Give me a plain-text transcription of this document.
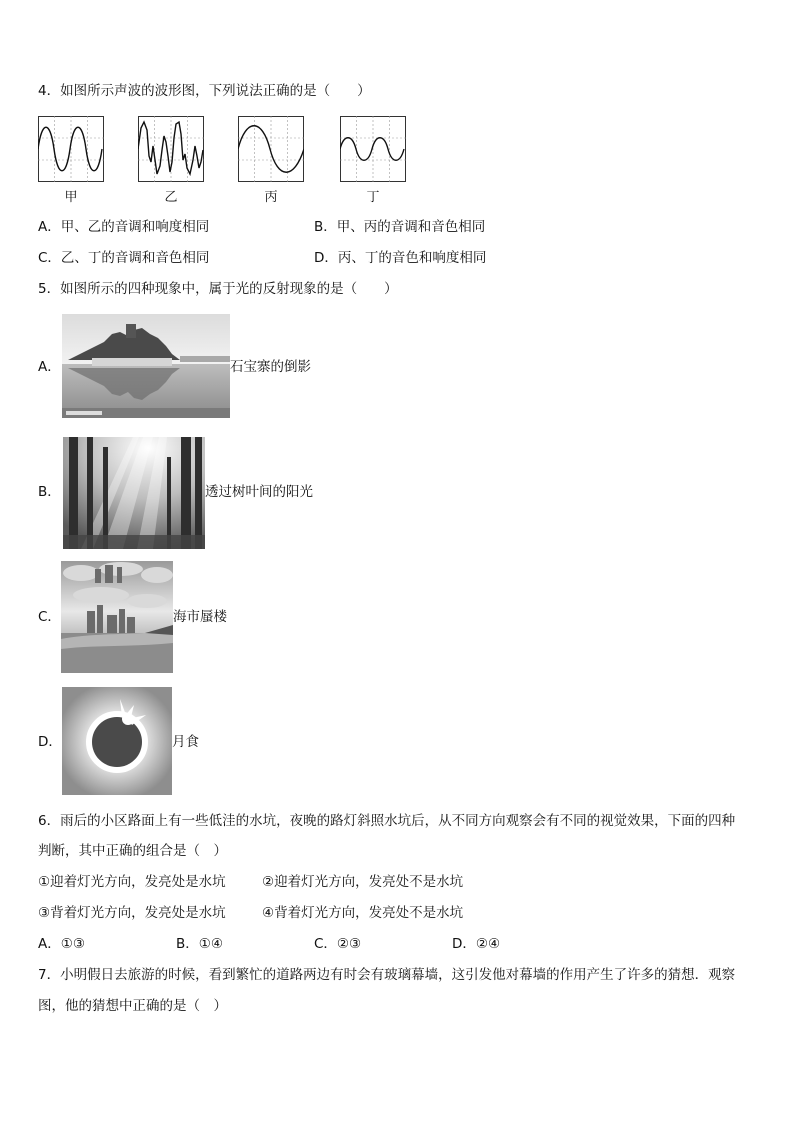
4．如图所示声波的波形图，下列说法正确的是（　　）
甲	乙	丙	丁
A．甲、乙的音调和响度相同	B．甲、丙的音调和音色相同
C．乙、丁的音调和音色相同	D．丙、丁的音色和响度相同
5．如图所示的四种现象中，属于光的反射现象的是（　　）
A．	石宝寨的倒影
B．	透过树叶间的阳光
C．	海市蜃楼
D．	月食
6．雨后的小区路面上有一些低洼的水坑，夜晚的路灯斜照水坑后，从不同方向观察会有不同的视觉效果，下面的四种
判断，其中正确的组合是（　）
①迎着灯光方向，发亮处是水坑	②迎着灯光方向，发亮处不是水坑
③背着灯光方向，发亮处是水坑	④背着灯光方向，发亮处不是水坑
A．①③	B．①④	C．②③	D．②④
7．小明假日去旅游的时候，看到繁忙的道路两边有时会有玻璃幕墙，这引发他对幕墙的作用产生了许多的猜想．观察
图，他的猜想中正确的是（　）
